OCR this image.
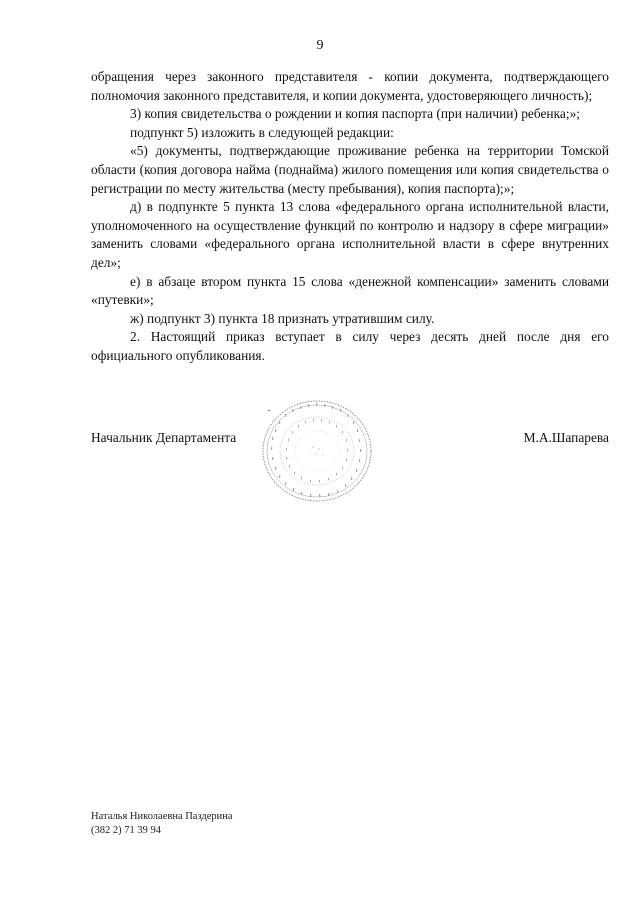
9

обращения через законного представителя - копии документа, подтверждающего полномочия законного представителя, и копии документа, удостоверяющего личность);

3) копия свидетельства о рождении и копия паспорта (при наличии) ребенка;»;

подпункт 5) изложить в следующей редакции:

«5) документы, подтверждающие проживание ребенка на территории Томской области (копия договора найма (поднайма) жилого помещения или копия свидетельства о регистрации по месту жительства (месту пребывания), копия паспорта);»;

д) в подпункте 5 пункта 13 слова «федерального органа исполнительной власти, уполномоченного на осуществление функций по контролю и надзору в сфере миграции» заменить словами «федерального органа исполнительной власти в сфере внутренних дел»;

е) в абзаце втором пункта 15 слова «денежной компенсации» заменить словами «путевки»;

ж) подпункт 3) пункта 18 признать утратившим силу.

2. Настоящий приказ вступает в силу через десять дней после дня его официального опубликования.

Начальник Департамента	М.А.Шапарева
Наталья Николаевна Паздерина
(382 2) 71 39 94
